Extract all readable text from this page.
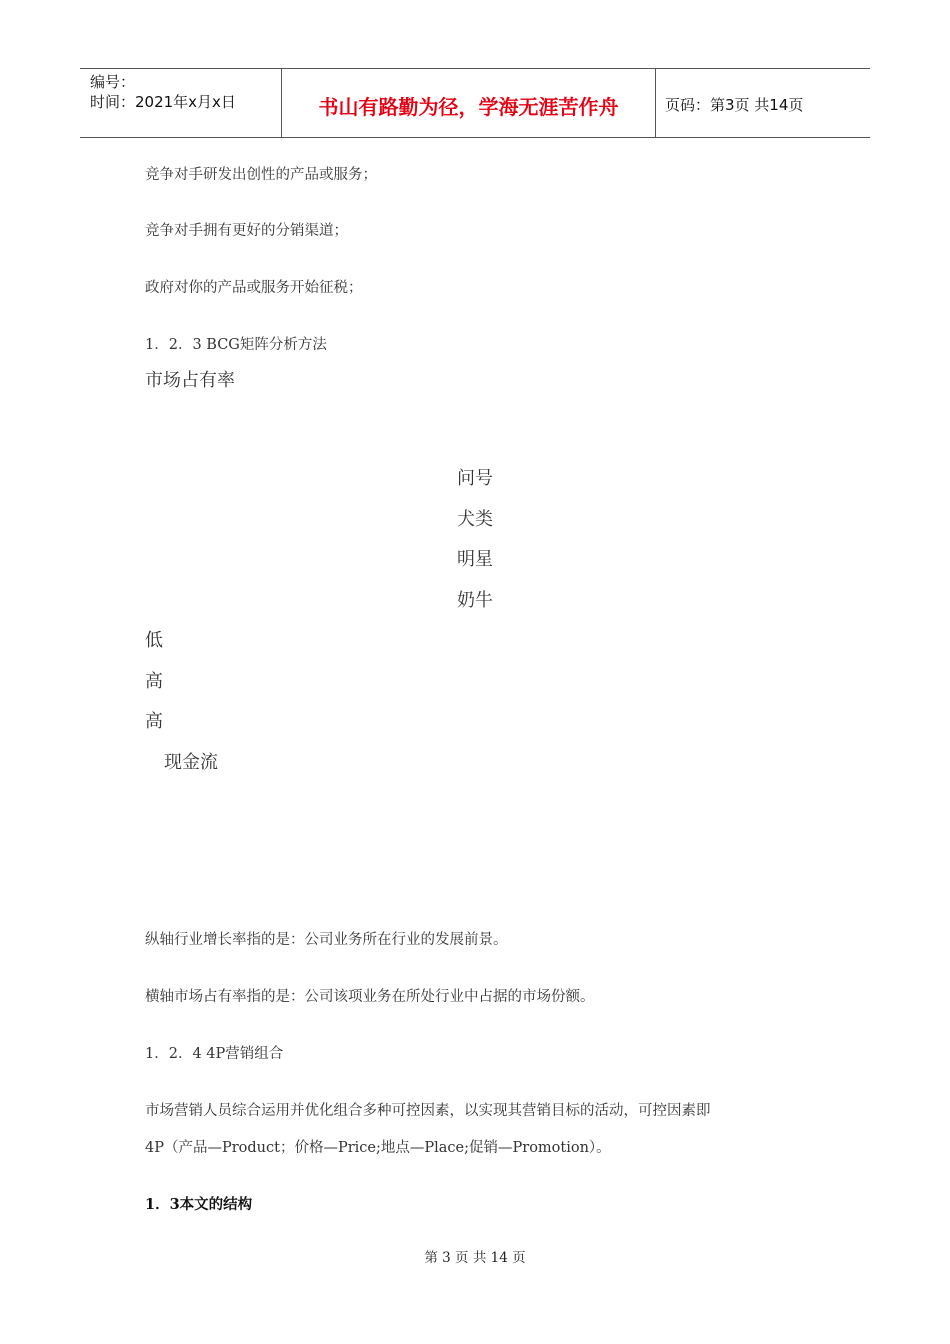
编号：
时间：2021年x月x日	书山有路勤为径，学海无涯苦作舟	页码：第3页 共14页
竞争对手研发出创性的产品或服务；
竞争对手拥有更好的分销渠道；
政府对你的产品或服务开始征税；
1．2．3 BCG矩阵分析方法
市场占有率
问号
犬类
明星
奶牛
低
高
高
现金流
纵轴行业增长率指的是：公司业务所在行业的发展前景。
横轴市场占有率指的是：公司该项业务在所处行业中占据的市场份额。
1．2．4 4P营销组合
市场营销人员综合运用并优化组合多种可控因素，以实现其营销目标的活动，可控因素即
4P（产品—Product；价格—Price;地点—Place;促销—Promotion）。
1．3本文的结构
第 3 页 共 14 页
